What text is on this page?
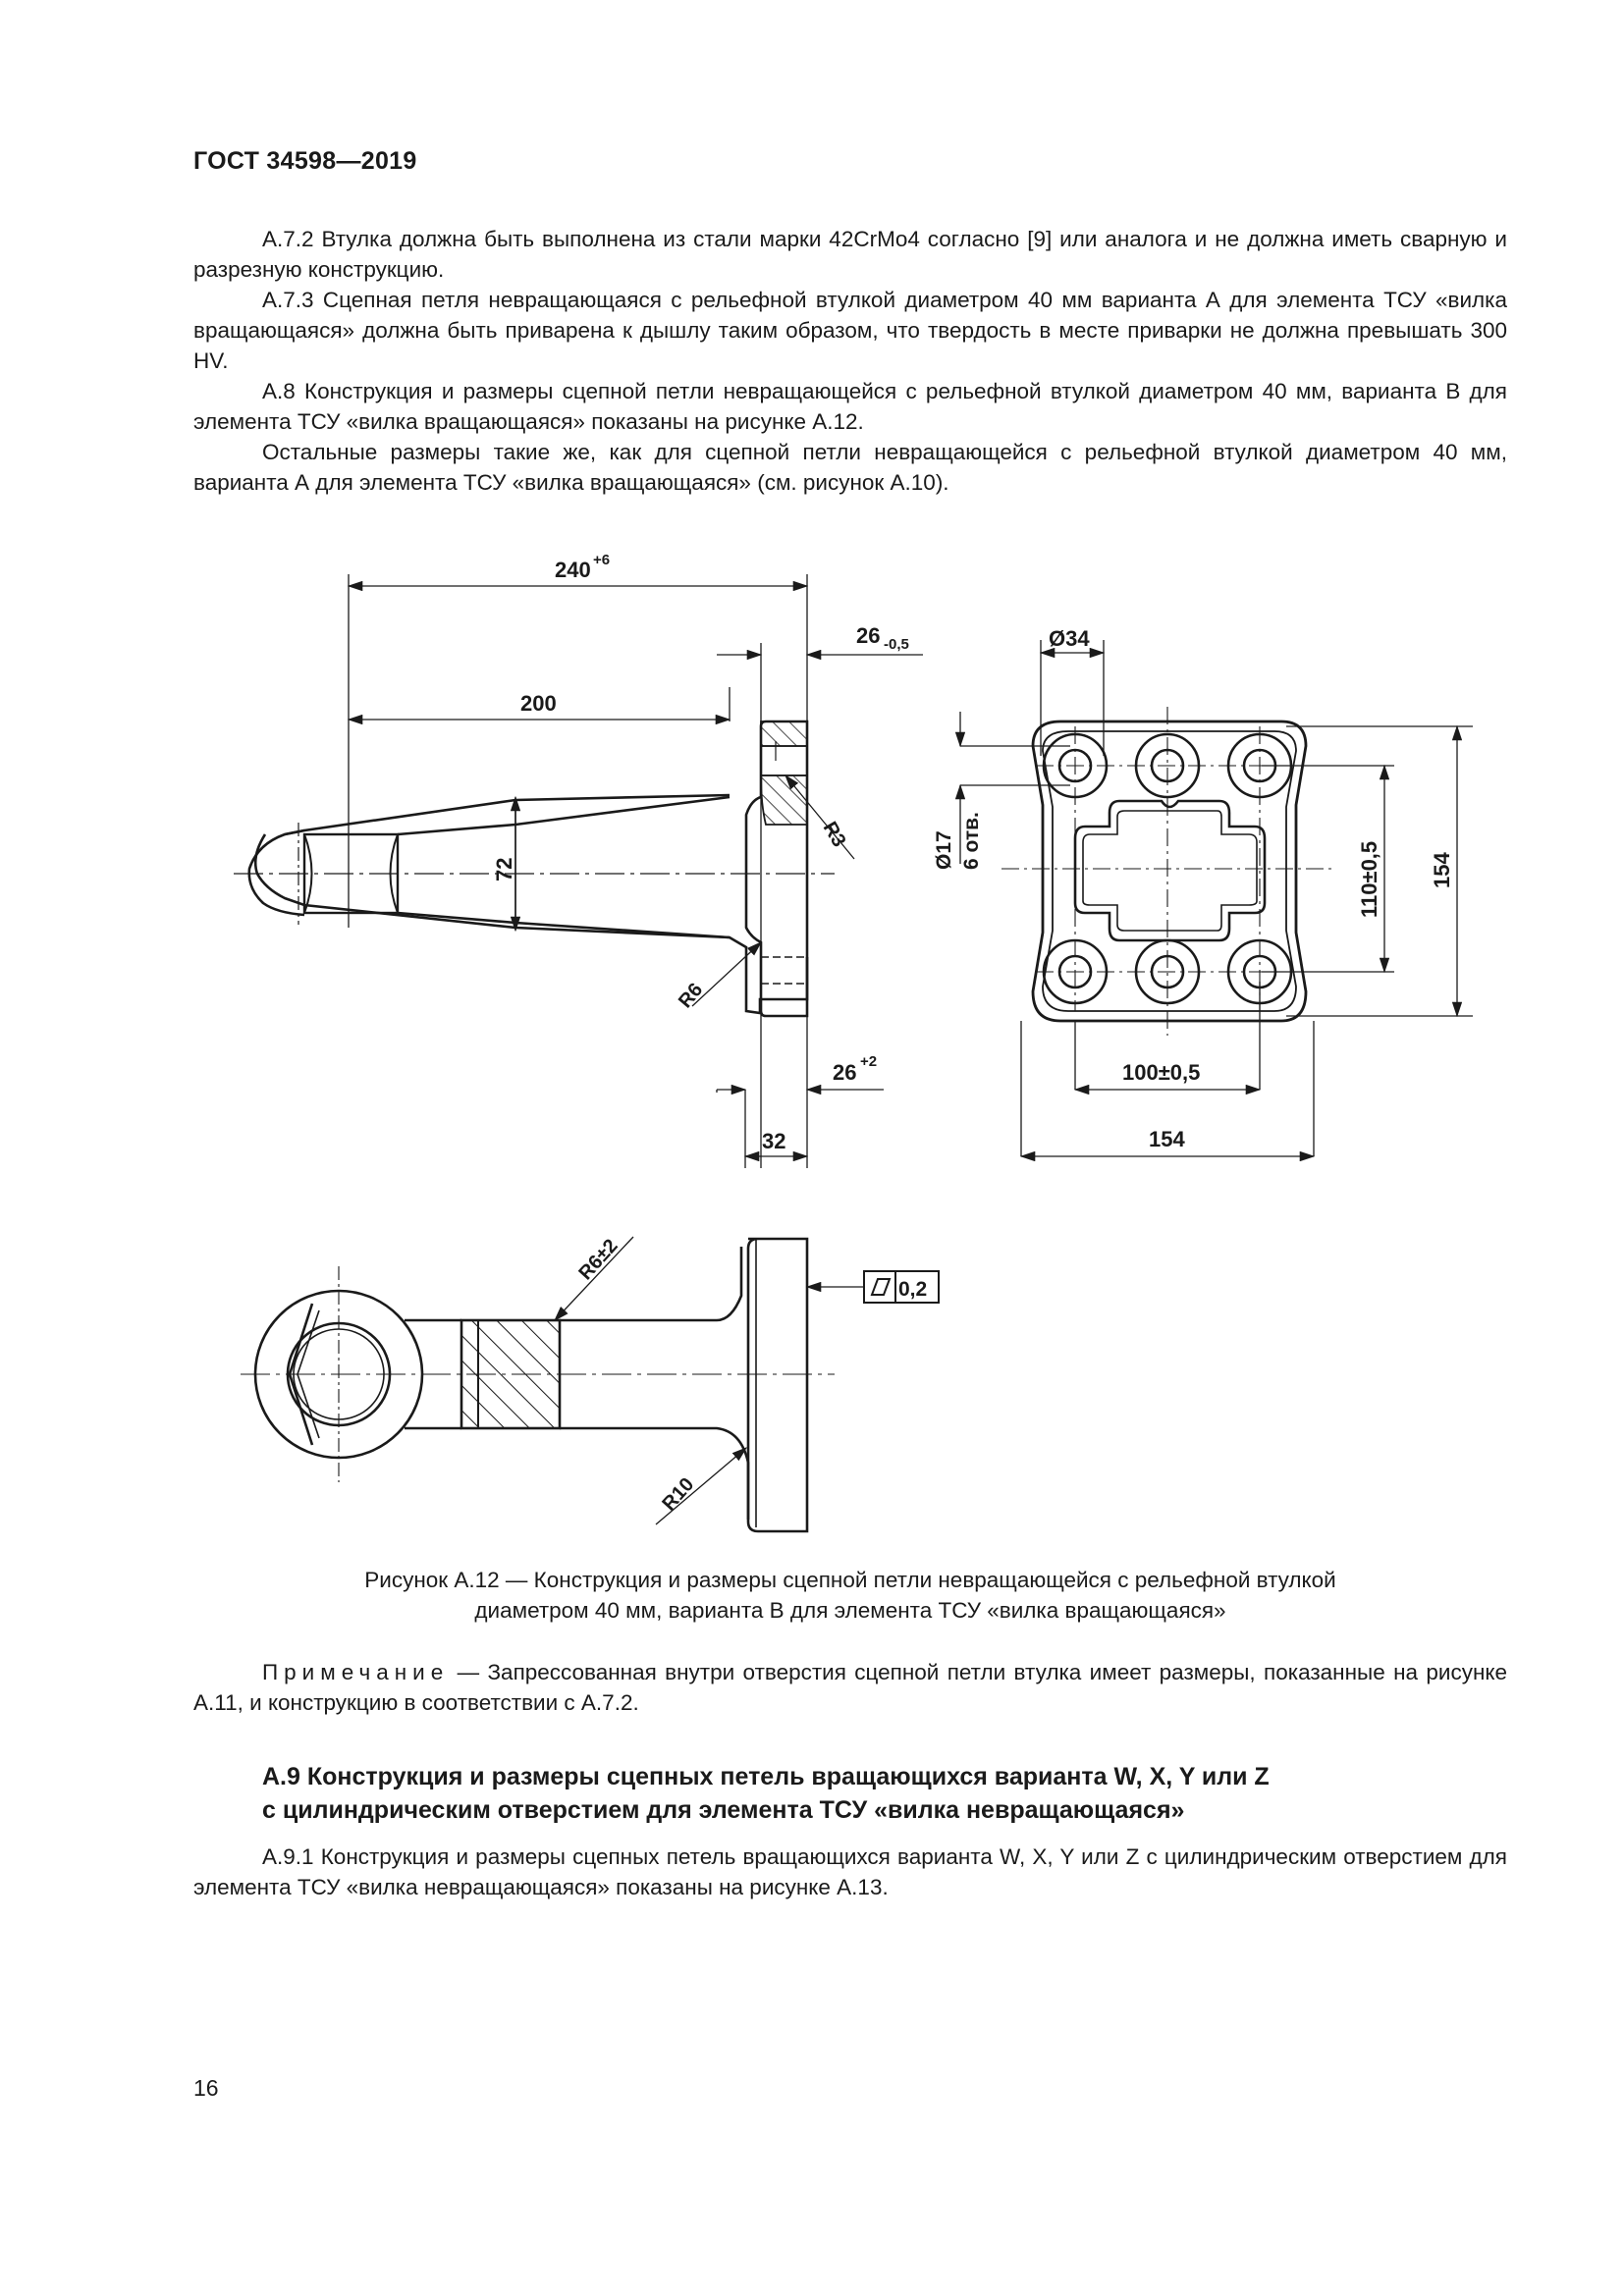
ГОСТ 34598—2019

А.7.2 Втулка должна быть выполнена из стали марки 42CrMo4 согласно [9] или аналога и не должна иметь сварную и разрезную конструкцию.

А.7.3 Сцепная петля невращающаяся с рельефной втулкой диаметром 40 мм варианта А для элемента ТСУ «вилка вращающаяся» должна быть приварена к дышлу таким образом, что твердость в месте приварки не должна превышать 300 HV.

А.8 Конструкция и размеры сцепной петли невращающейся с рельефной втулкой диаметром 40 мм, варианта В для элемента ТСУ «вилка вращающаяся» показаны на рисунке А.12.

Остальные размеры такие же, как для сцепной петли невращающейся с рельефной втулкой диаметром 40 мм, варианта А для элемента ТСУ «вилка вращающаяся» (см. рисунок А.10).

240 +6
200
26 -0,5
72
R3
R6
26 +2
32
Ø34
Ø17 6 отв.
110±0,5 154
100±0,5
154
R6±2
R10
0,2
Рисунок А.12 — Конструкция и размеры сцепной петли невращающейся с рельефной втулкой
диаметром 40 мм, варианта В для элемента ТСУ «вилка вращающаяся»

Примечание — Запрессованная внутри отверстия сцепной петли втулка имеет размеры, показанные на рисунке А.11, и конструкцию в соответствии с А.7.2.

А.9 Конструкция и размеры сцепных петель вращающихся варианта W, X, Y или Z
с цилиндрическим отверстием для элемента ТСУ «вилка невращающаяся»

А.9.1 Конструкция и размеры сцепных петель вращающихся варианта W, X, Y или Z с цилиндрическим отверстием для элемента ТСУ «вилка невращающаяся» показаны на рисунке А.13.

16
